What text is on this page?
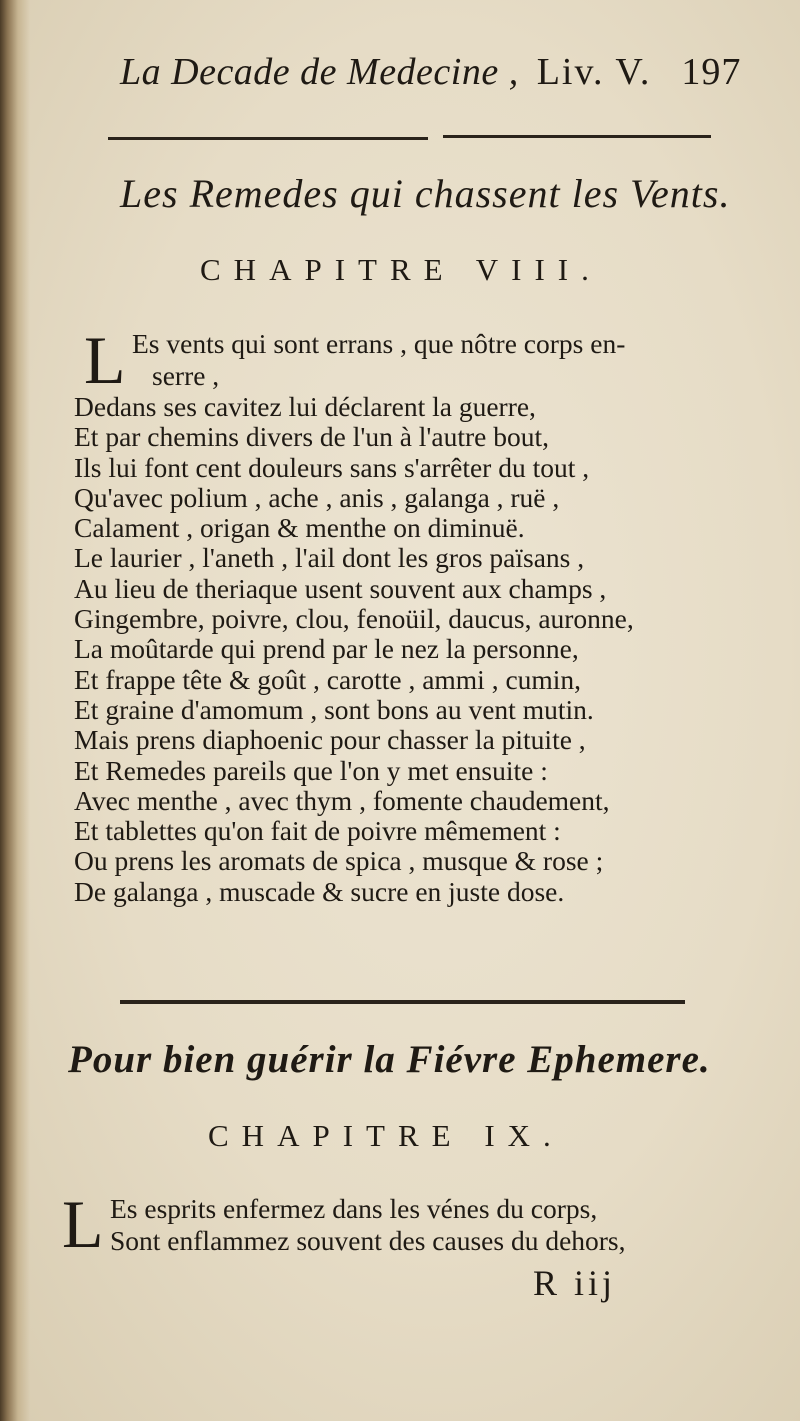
La Decade de Medecine , Liv. V. 197
Les Remedes qui chassent les Vents.
CHAPITRE VIII.
L Es vents qui sont errans , que nôtre corps en-
serre ,
Dedans ses cavitez lui déclarent la guerre,
Et par chemins divers de l'un à l'autre bout,
Ils lui font cent douleurs sans s'arrêter du tout ,
Qu'avec polium , ache , anis , galanga , ruë ,
Calament , origan & menthe on diminuë.
Le laurier , l'aneth , l'ail dont les gros païsans ,
Au lieu de theriaque usent souvent aux champs ,
Gingembre, poivre, clou, fenoüil, daucus, auronne,
La moûtarde qui prend par le nez la personne,
Et frappe tête & goût , carotte , ammi , cumin,
Et graine d'amomum , sont bons au vent mutin.
Mais prens diaphoenic pour chasser la pituite ,
Et Remedes pareils que l'on y met ensuite :
Avec menthe , avec thym , fomente chaudement,
Et tablettes qu'on fait de poivre mêmement :
Ou prens les aromats de spica , musque & rose ;
De galanga , muscade & sucre en juste dose.
Pour bien guérir la Fiévre Ephemere.
CHAPITRE IX.
L Es esprits enfermez dans les vénes du corps,
Sont enflammez souvent des causes du dehors,
R iij
